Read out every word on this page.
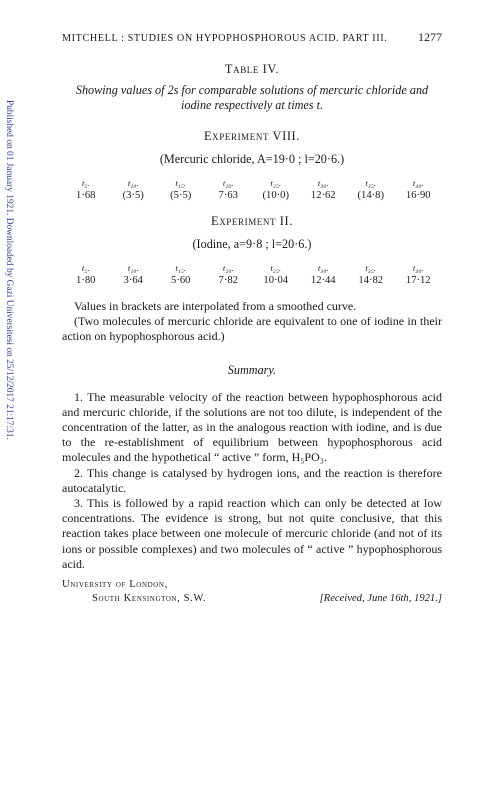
Published on 01 January 1921. Downloaded by Gazi Universitesi on 25/12/2017 21:17:31.
MITCHELL : STUDIES ON HYPOPHOSPHOROUS ACID. PART III.	1277
Table IV.
Showing values of 2s for comparable solutions of mercuric chloride and iodine respectively at times t.
Experiment VIII.
(Mercuric chloride, A=19·0 ; l=20·6.)
t₅.	t₁₀.	t₁₅.	t₂₀.	t₂₅.	t₃₀.	t₃₅.	t₄₀.
1·68	(3·5)	(5·5)	7·63	(10·0)	12·62	(14·8)	16·90
Experiment II.
(Iodine, a=9·8 ; l=20·6.)
t₅.	t₁₀.	t₁₅.	t₂₀.	t₂₅.	t₃₀.	t₃₅.	t₄₀.
1·80	3·64	5·60	7·82	10·04	12·44	14·82	17·12

Values in brackets are interpolated from a smoothed curve.

(Two molecules of mercuric chloride are equivalent to one of iodine in their action on hypophosphorous acid.)

Summary.

1. The measurable velocity of the reaction between hypophosphorous acid and mercuric chloride, if the solutions are not too dilute, is independent of the concentration of the latter, as in the analogous reaction with iodine, and is due to the re-establishment of equilibrium between hypophosphorous acid molecules and the hypothetical “ active ” form, H₅PO₃.

2. This change is catalysed by hydrogen ions, and the reaction is therefore autocatalytic.

3. This is followed by a rapid reaction which can only be detected at low concentrations. The evidence is strong, but not quite conclusive, that this reaction takes place between one molecule of mercuric chloride (and not of its ions or possible complexes) and two molecules of “ active ” hypophosphorous acid.

University of London,
South Kensington, S.W.	[Received, June 16th, 1921.]
